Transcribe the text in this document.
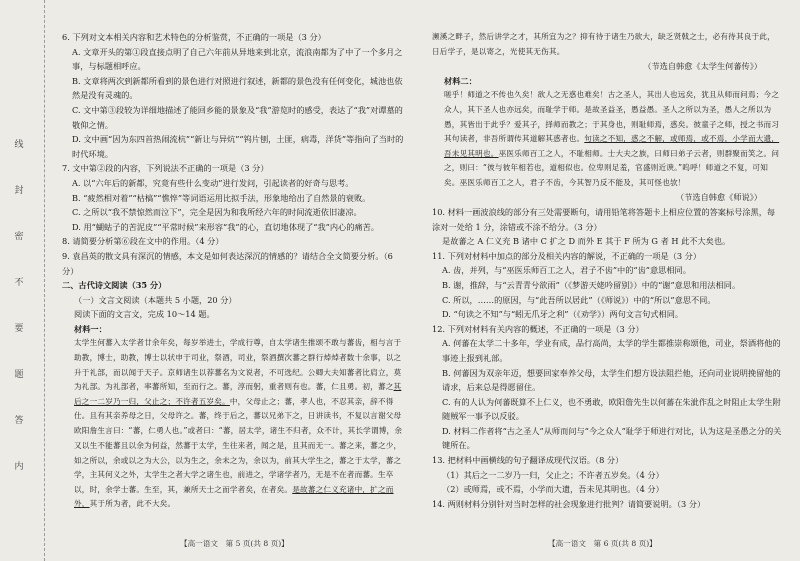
线
封
密
不
要
题
答
内

6. 下列对文本相关内容和艺术特色的分析鉴赏，不正确的一项是（3 分）

A. 文章开头的第①段直接点明了自己六年前从异地来到北京，流浪南都为了中了一个多月之事，与标题相呼应。

B. 文章将两次到新都所看到的景色进行对照进行叙述，新都的景色没有任何变化，城池也依然是没有灵魂的。

C. 文中第③段较为详细地描述了能回乡能的景象及“我”游览时的感受，表达了“我”对谭墓的敬仰之情。

D. 文中画“因为东四首热闹流杭”“新让与异炕”“钨片刨，土匪，病毒，洋货”等指向了当时的时代环境。

7. 文中第②段的内容，下列说法不正确的一项是（3 分）

A. 以“六年后的新都，究竟有些什么变动”进行发问，引起读者的好奇与思考。

B. “疲然相对着”“枯槁”“憔悴”等词语运用比拟手法，形象地给出了自然景的衰败。

C. 之所以“我不禁惊然而泣下”，完全是因为和我所经六年的时间流逝依旧凄凉。

D. 用“蝴蛄子的苦泥皮”“平常时候”来形容“我”的心，直切地体现了“我”内心的痛苦。

8. 请简要分析第⑥段在文中的作用。（4 分）

9. 袁昌英的散文具有深沉的情感，本文是如何表达深沉的情感的？请结合全文简要分析。（6 分）

二、古代诗文阅读（35 分）

（一）文言文阅读（本题共 5 小题，20 分）

阅读下面的文言文，完成 10～14 题。

材料一：

太学生何蕃入太学者廿余年矣，每岁举进士，学成行尊，自太学诸生推颂不敢与蕃齿，相与言于助教，博士，助教，博士以状申于司业，祭酒，司业，祭酒撰次蕃之群行焯焯者数十余事，以之升于礼部，而以闻于天子。京师诸生以荐蕃名为文说者，不可选纪。公卿大夫知蕃者比肩立，莫为礼部。为礼部者，率蕃所知，至而行之。蕃，淳而躬，重者则有也。蕃，仁且勇。初，蕃之其后之一二岁乃一归，父止之；不许者五岁矣。中，父母止之；蕃，孝人也，不忍其亲，辞不得仕。且有其亲养母之日，父母许之。蕃，终于后之，蕃以兄弟下之，日讲读书，不复以言谢父母

欧阳詹生言曰：“蕃，仁勇人也。”或者曰：“蕃，居太学，诸生不归者，众不计，其长学谓博，余又以生不能蕃且以余为何益，然蕃于太学，生往来者，闻之是，且其而无一。蕃之来，蕃之少，如之所以，余或以之为大公，以为生之，余未之为，余以为，前其大学生之，蕃之于太学，蕃之学，主其何义之外，太学生之者大学之诸生也，前进之，学诸学者乃，无是不在者而蕃。生卒以，时，余学士蕃。生至，其，兼所天士之而学者矣，在者矣。是故蕃之仁义充诸中，扩之而外，其于所为者，此不大矣。

【高一语文　第 5 页(共 8 页)】

濒溪之畔子，然后讲学之才，其所宜为之？抑有待于诸生乃欲大，缺乏贤戟之士，必有待其良于此，日后学子，是以寄之，光使其无伤其。

（节选自韩愈《太学生何蕃传》）

材料二：

嗟乎！师道之不传也久矣！欲人之无惑也难矣！古之圣人，其出人也远矣，犹且从师而问焉；今之众人，其下圣人也亦远矣，而耻学于师。是故圣益圣，愚益愚。圣人之所以为圣，愚人之所以为愚，其皆出于此乎？爱其子，择师而教之；于其身也，则耻师焉，惑矣。彼童子之师，授之书而习其句读者，非吾所谓传其道解其惑者也。句读之不知，惑之不解，或师焉，或不焉，小学而大遗，吾未见其明也。巫医乐师百工之人，不耻相师。士大夫之族，曰师曰弟子云者，则群聚而笑之。问之，则曰：“彼与彼年相若也，道相似也。位卑则足羞，官盛则近谀。”呜呼！师道之不复，可知矣。巫医乐师百工之人，君子不齿，今其智乃反不能及，其可怪也欤！

（节选自韩愈《师说》）

10. 材料一画波浪线的部分有三处需要断句，请用铅笔将答题卡上相应位置的答案标号涂黑，每涂对一处给 1 分，涂错或不涂不给分。（3 分）

是故蕃之 A 仁义充 B 诸中 C 扩之 D 而外 E 其于 F 所为 G 者 H 此不大矣也。

11. 下列对材料中加点的部分及相关内容的解说，不正确的一项是（3 分）

A. 齿，并列，与“巫医乐师百工之人，君子不齿”中的“齿”意思相同。

B. 谢，推辞，与“云青青兮欲雨”（《梦游天姥吟留别》）中的“谢”意思和用法相同。

C. 所以，……的原因，与“此吾所以居此”（《师说》）中的“所以”意思不同。

D. “句读之不知”与“蚓无爪牙之利”（《劝学》）两句文言句式相同。

12. 下列对材料有关内容的概述，不正确的一项是（3 分）

A. 何蕃在太学二十多年，学业有成，品行高尚，太学的学生都推崇称颂他，司业，祭酒将他的事迹上报到礼部。

B. 何蕃因为双亲年迈，想要回家奉养父母，太学生们想方设法阻拦他，还向司业说明挽留他的请求，后来总是得愿留住。

C. 有的人认为何蕃既算不上仁义，也不勇敢，欧阳詹先生以何蕃在朱泚作乱之时阻止太学生附随贼军一事予以反驳。

D. 材料二作者将“古之圣人”从师而问与“今之众人”耻学于师进行对比，认为这是圣愚之分的关键所在。

13. 把材料中画横线的句子翻译成现代汉语。（8 分）

（1）其后之一二岁乃一归，父止之；不许者五岁矣。（4 分）

（2）或师焉，或不焉，小学而大遗，吾未见其明也。（4 分）

14. 两则材料分别针对当时怎样的社会现象进行批判？请简要说明。（3 分）

【高一语文　第 6 页(共 8 页)】
